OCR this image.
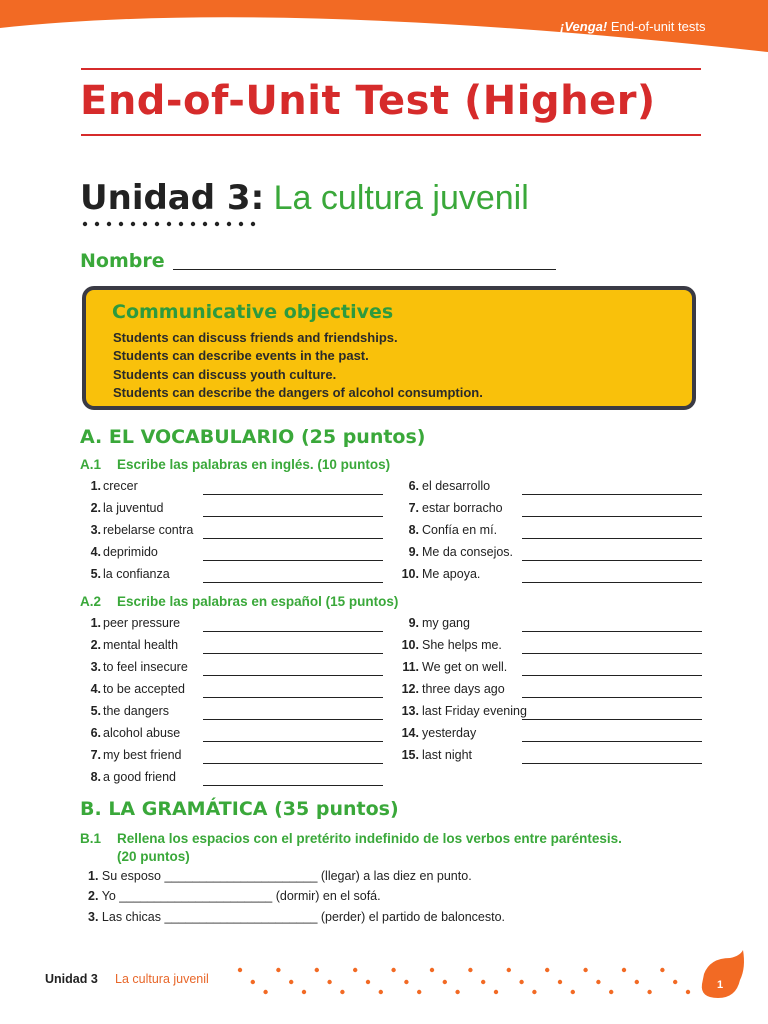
¡Venga! End-of-unit tests
End-of-Unit Test (Higher)
Unidad 3: La cultura juvenil
Nombre
Communicative objectives
Students can discuss friends and friendships.
Students can describe events in the past.
Students can discuss youth culture.
Students can describe the dangers of alcohol consumption.
A. EL VOCABULARIO (25 puntos)
A.1 Escribe las palabras en inglés. (10 puntos)
1. crecer
2. la juventud
3. rebelarse contra
4. deprimido
5. la confianza
6. el desarrollo
7. estar borracho
8. Confía en mí.
9. Me da consejos.
10. Me apoya.
A.2 Escribe las palabras en español (15 puntos)
1. peer pressure
2. mental health
3. to feel insecure
4. to be accepted
5. the dangers
6. alcohol abuse
7. my best friend
8. a good friend
9. my gang
10. She helps me.
11. We get on well.
12. three days ago
13. last Friday evening
14. yesterday
15. last night
B. LA GRAMÁTICA (35 puntos)
B.1 Rellena los espacios con el pretérito indefinido de los verbos entre paréntesis.
(20 puntos)
1. Su esposo ______________________ (llegar) a las diez en punto.
2. Yo ______________________ (dormir) en el sofá.
3. Las chicas ______________________ (perder) el partido de baloncesto.
Unidad 3 La cultura juvenil	1
